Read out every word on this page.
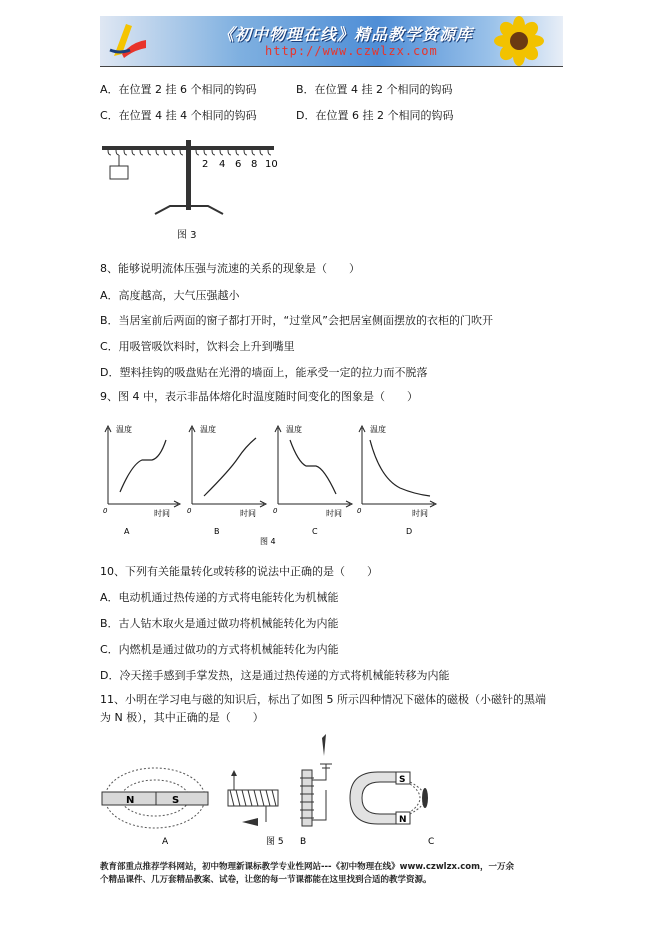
《初中物理在线》精品教学资源库
http://www.czwlzx.com
A．在位置 2 挂 6 个相同的钩码	B．在位置 4 挂 2 个相同的钩码
C．在位置 4 挂 4 个相同的钩码	D．在位置 6 挂 2 个相同的钩码
2 4 6 8 10
图 3
8、能够说明流体压强与流速的关系的现象是（　　）
A．高度越高，大气压强越小
B．当居室前后两面的窗子都打开时，“过堂风”会把居室侧面摆放的衣柜的门吹开
C．用吸管吸饮料时，饮料会上升到嘴里
D．塑料挂钩的吸盘贴在光滑的墙面上，能承受一定的拉力而不脱落
9、图 4 中，表示非晶体熔化时温度随时间变化的图象是（　　）
温度
时间
0
A
温度
时间
0
B
温度
时间
0
C
温度
时间
0
D
图 4
10、下列有关能量转化或转移的说法中正确的是（　　）
A．电动机通过热传递的方式将电能转化为机械能
B．古人钻木取火是通过做功将机械能转化为内能
C．内燃机是通过做功的方式将机械能转化为内能
D．冷天搓手感到手掌发热，这是通过热传递的方式将机械能转移为内能
11、小明在学习电与磁的知识后，标出了如图 5 所示四种情况下磁体的磁极（小磁针的黑端
为 N 极），其中正确的是（　　）
N	S
A	B
S
N
C
图 5
教育部重点推荐学科网站，初中物理新课标教学专业性网站---《初中物理在线》www.czwlzx.com，一万余
个精品课件、几万套精品教案、试卷，让您的每一节课都能在这里找到合适的教学资源。
